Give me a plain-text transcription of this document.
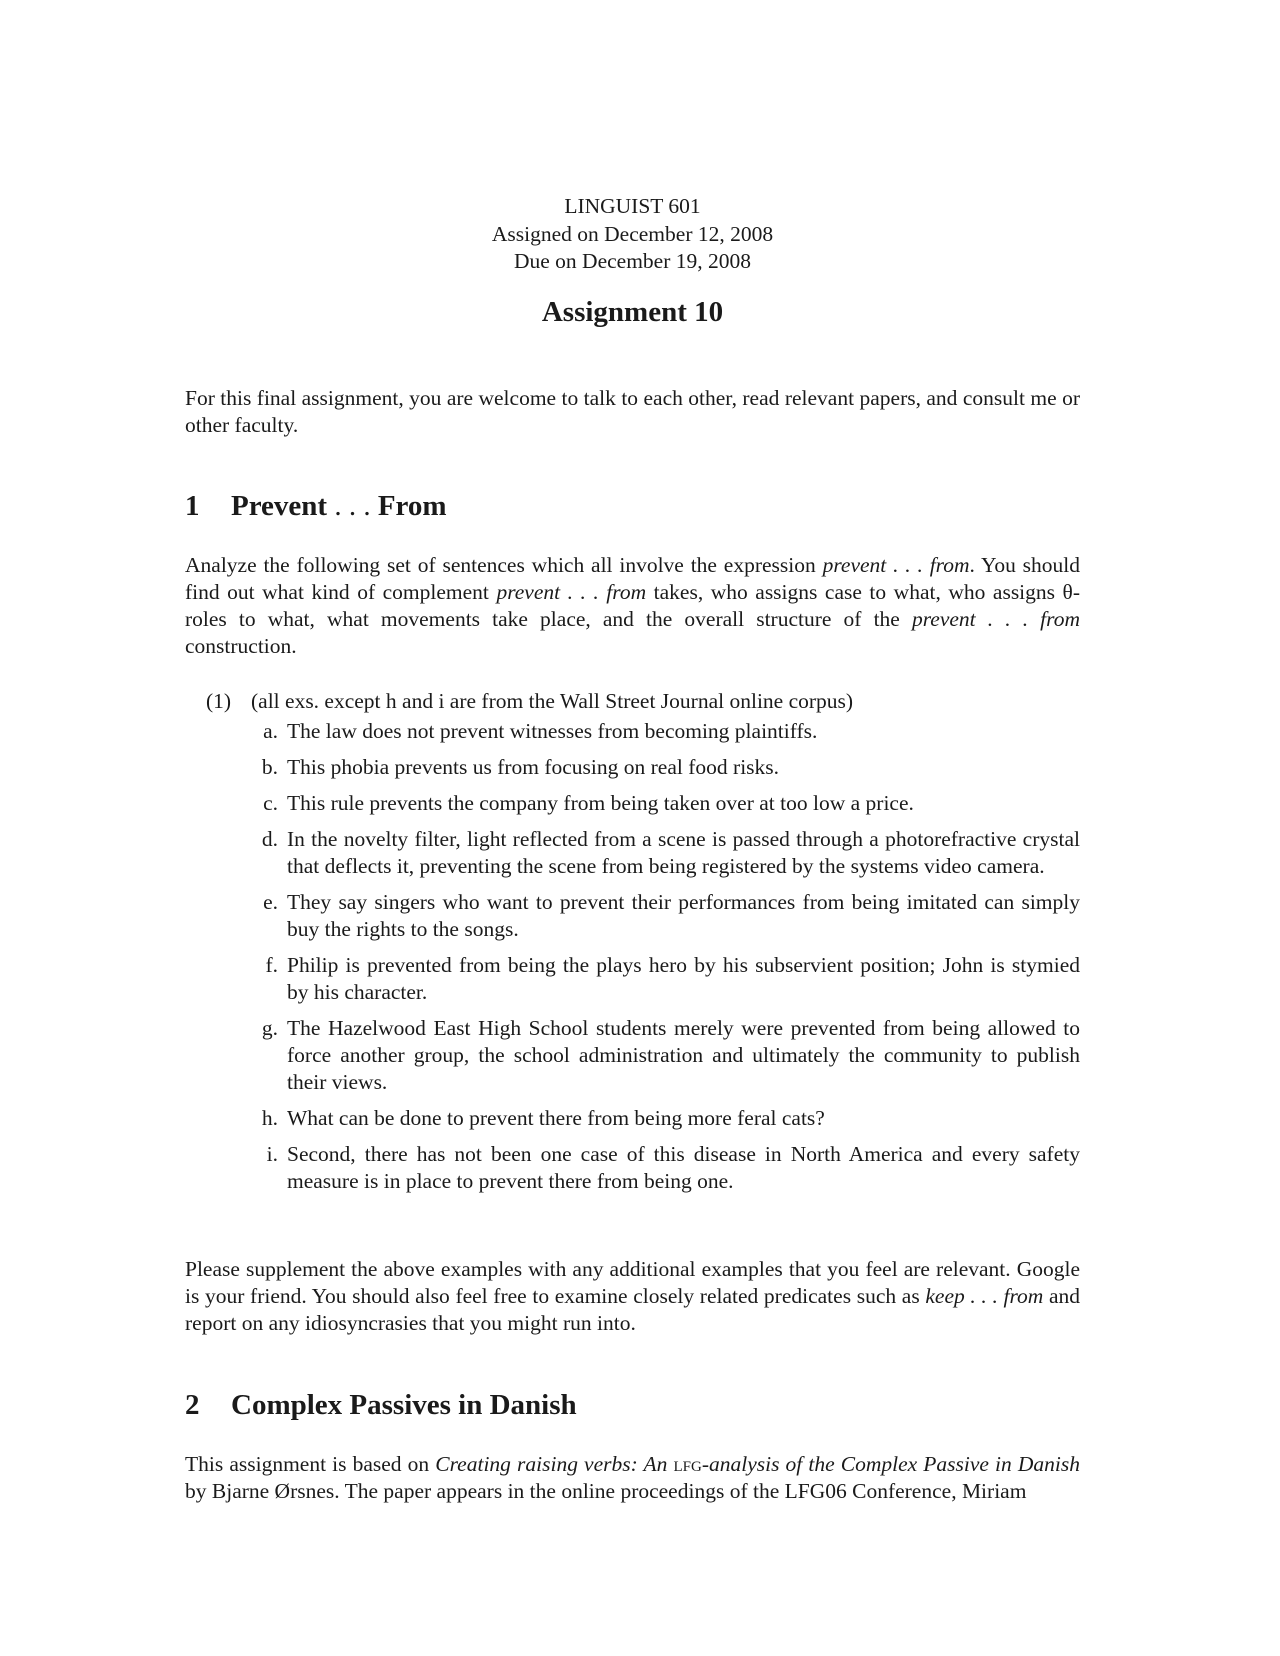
LINGUIST 601
Assigned on December 12, 2008
Due on December 19, 2008
Assignment 10
For this final assignment, you are welcome to talk to each other, read relevant papers, and consult me or other faculty.
1 Prevent . . . From
Analyze the following set of sentences which all involve the expression prevent . . . from. You should find out what kind of complement prevent . . . from takes, who assigns case to what, who assigns θ-roles to what, what movements take place, and the overall structure of the prevent . . . from construction.
(1) (all exs. except h and i are from the Wall Street Journal online corpus)
a. The law does not prevent witnesses from becoming plaintiffs.
b. This phobia prevents us from focusing on real food risks.
c. This rule prevents the company from being taken over at too low a price.
d. In the novelty filter, light reflected from a scene is passed through a photorefractive crystal that deflects it, preventing the scene from being registered by the systems video camera.
e. They say singers who want to prevent their performances from being imitated can simply buy the rights to the songs.
f. Philip is prevented from being the plays hero by his subservient position; John is stymied by his character.
g. The Hazelwood East High School students merely were prevented from being allowed to force another group, the school administration and ultimately the community to publish their views.
h. What can be done to prevent there from being more feral cats?
i. Second, there has not been one case of this disease in North America and every safety measure is in place to prevent there from being one.
Please supplement the above examples with any additional examples that you feel are relevant. Google is your friend. You should also feel free to examine closely related predicates such as keep . . . from and report on any idiosyncrasies that you might run into.
2 Complex Passives in Danish
This assignment is based on Creating raising verbs: An lfg-analysis of the Complex Passive in Danish by Bjarne Ørsnes. The paper appears in the online proceedings of the LFG06 Conference, Miriam
